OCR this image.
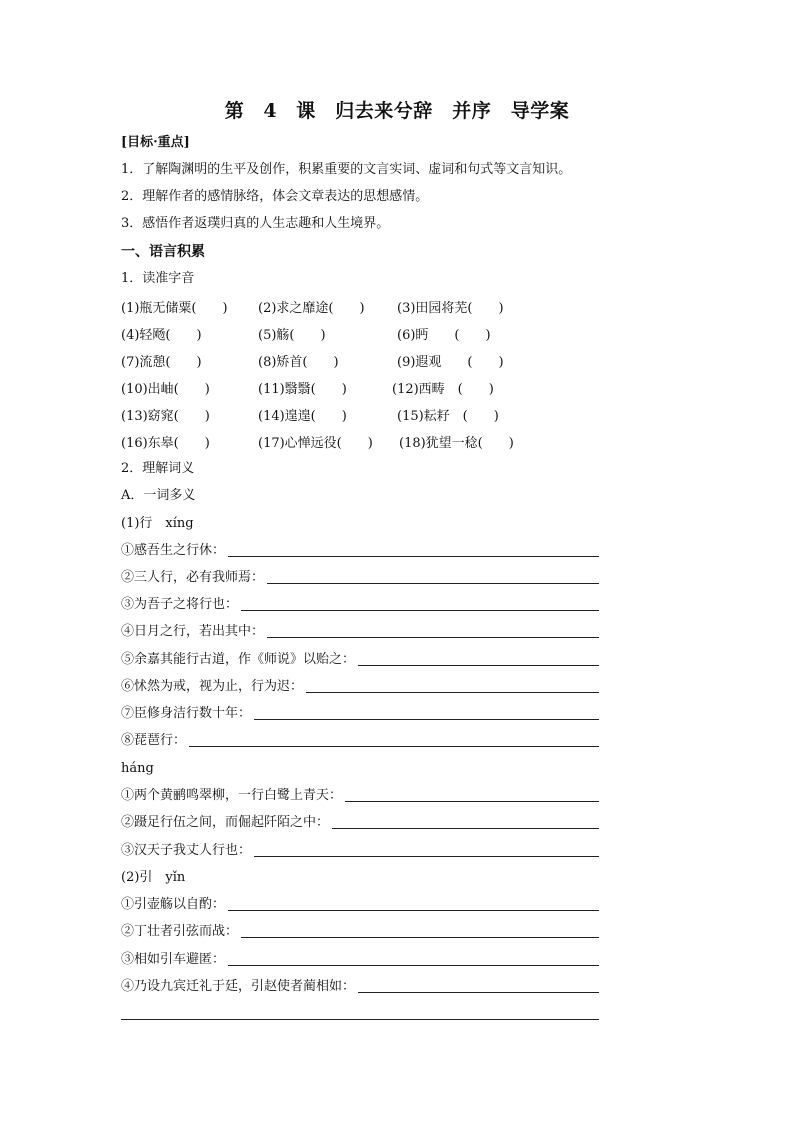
第 4 课　归去来兮辞　并序　导学案
[目标·重点]
1．了解陶渊明的生平及创作，积累重要的文言实词、虚词和句式等文言知识。
2．理解作者的感情脉络，体会文章表达的思想感情。
3．感悟作者返璞归真的人生志趣和人生境界。
一、语言积累
1．读准字音
(1)瓶无储粟(　　) (2)求之靡途(　　) (3)田园将芜(　　)
(4)轻飏(　　)	(5)觞(　　)	(6)眄　　(　　)
(7)流憩(　　)	(8)矫首(　　)	(9)遐观　　(　　)
(10)出岫(　　)	(11)翳翳(　　)	(12)西畴　(　　)
(13)窈窕(　　)	(14)遑遑(　　)	(15)耘耔　(　　)
(16)东皋(　　)	(17)心惮远役(　　) (18)犹望一稔(　　)
2．理解词义
A．一词多义
(1)行　xíng
①感吾生之行休：
②三人行，必有我师焉：
③为吾子之将行也：
④日月之行，若出其中：
⑤余嘉其能行古道，作《师说》以贻之：
⑥怵然为戒，视为止，行为迟：
⑦臣修身洁行数十年：
⑧琵琶行：
háng
①两个黄鹂鸣翠柳，一行白鹭上青天：
②蹑足行伍之间，而倔起阡陌之中：
③汉天子我丈人行也：
(2)引　yǐn
①引壶觞以自酌：
②丁壮者引弦而战：
③相如引车避匿：
④乃设九宾迁礼于廷，引赵使者蔺相如：
